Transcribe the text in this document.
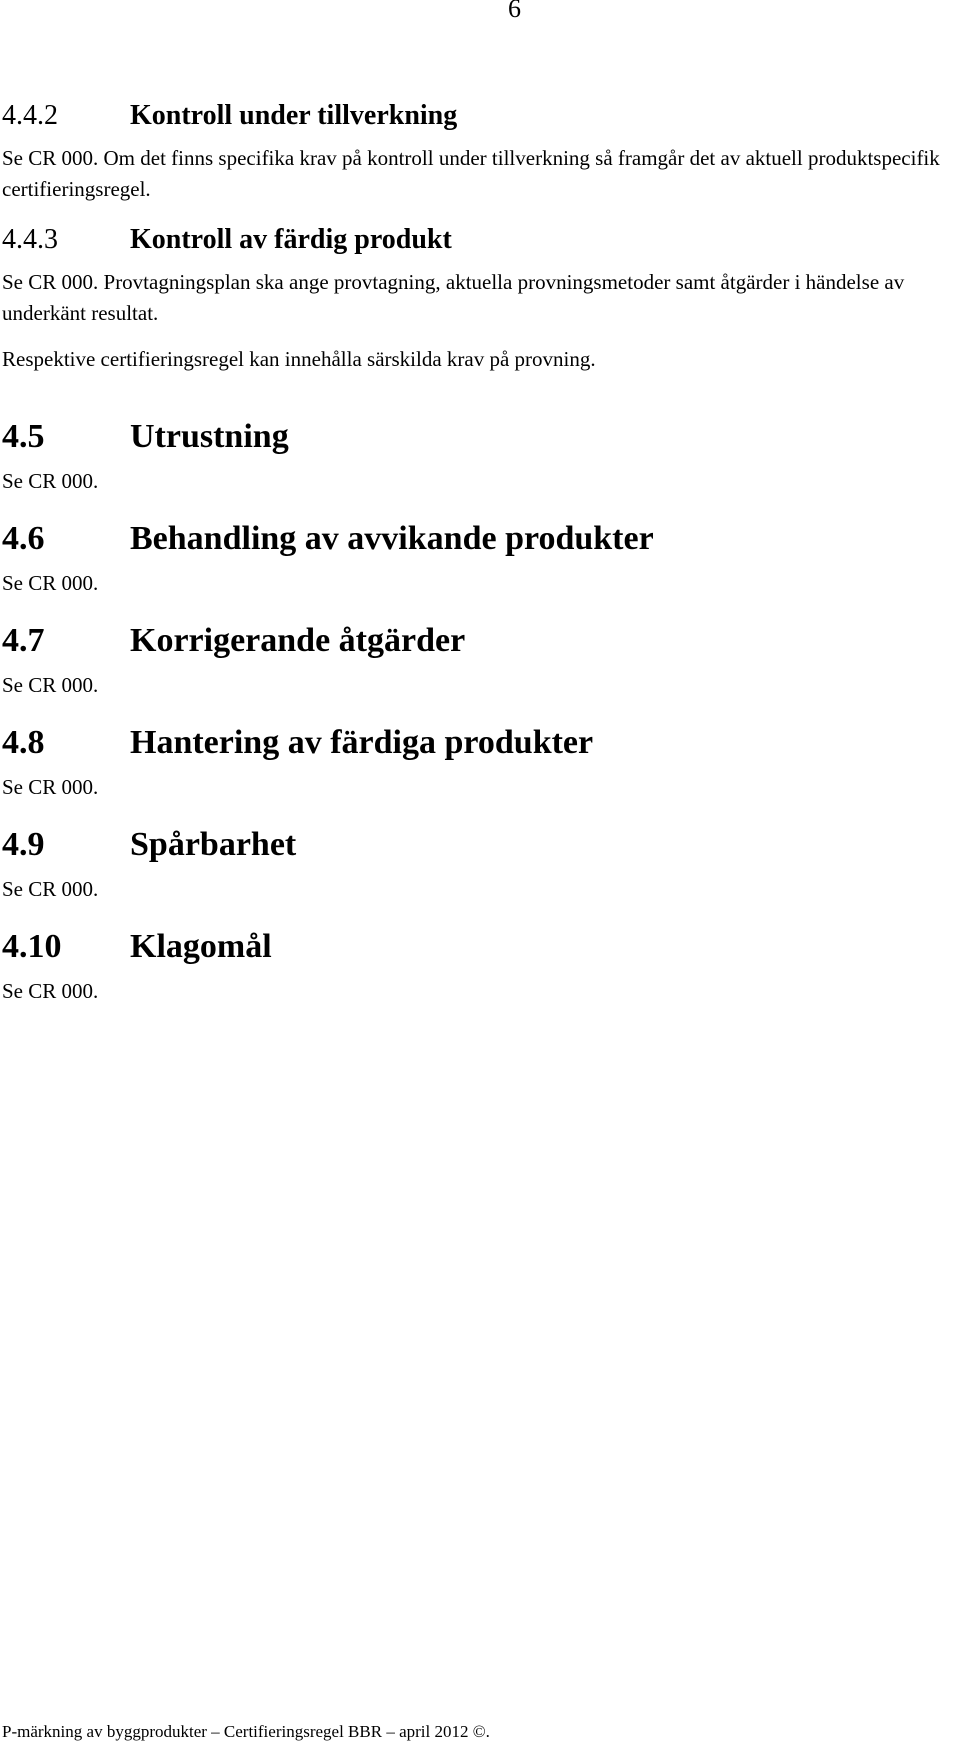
6
4.4.2	Kontroll under tillverkning

Se CR 000. Om det finns specifika krav på kontroll under tillverkning så framgår det av aktuell produktspecifik certifieringsregel.

4.4.3	Kontroll av färdig produkt

Se CR 000. Provtagningsplan ska ange provtagning, aktuella provningsmetoder samt åtgärder i händelse av underkänt resultat.

Respektive certifieringsregel kan innehålla särskilda krav på provning.

4.5	Utrustning

Se CR 000.

4.6	Behandling av avvikande produkter

Se CR 000.

4.7	Korrigerande åtgärder

Se CR 000.

4.8	Hantering av färdiga produkter

Se CR 000.

4.9	Spårbarhet

Se CR 000.

4.10 Klagomål

Se CR 000.

P-märkning av byggprodukter – Certifieringsregel BBR – april 2012 ©.
